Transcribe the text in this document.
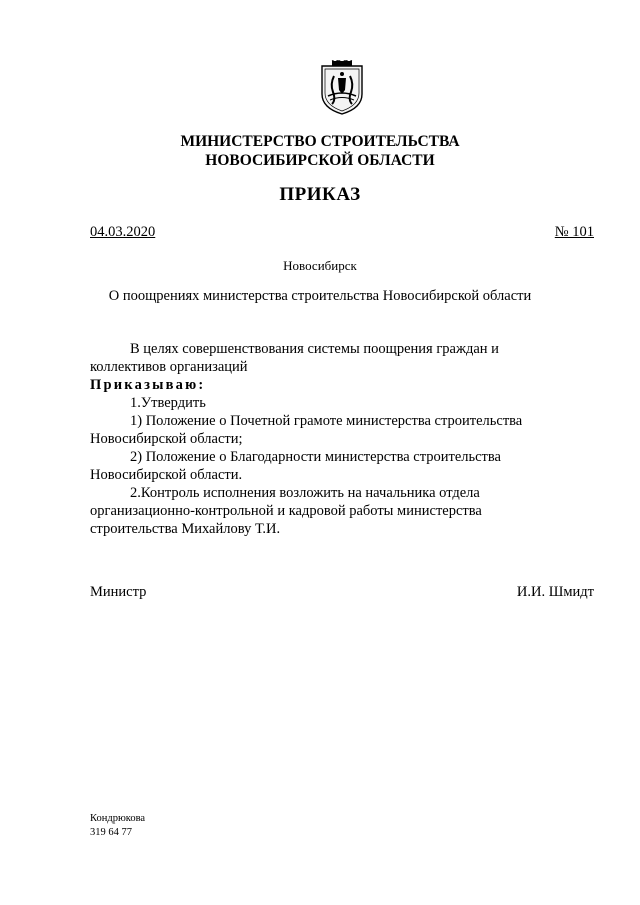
МИНИСТЕРСТВО СТРОИТЕЛЬСТВА
НОВОСИБИРСКОЙ ОБЛАСТИ
ПРИКАЗ
04.03.2020	№ 101
Новосибирск
О поощрениях министерства строительства Новосибирской области

В целях совершенствования системы поощрения граждан и

коллективов организаций

Приказываю:

1.Утвердить

1) Положение о Почетной грамоте министерства строительства

Новосибирской области;

2) Положение о Благодарности министерства строительства

Новосибирской области.

2.Контроль исполнения возложить на начальника отдела

организационно-контрольной и кадровой работы министерства

строительства Михайлову Т.И.

Министр	И.И. Шмидт
Кондрюкова
319 64 77
